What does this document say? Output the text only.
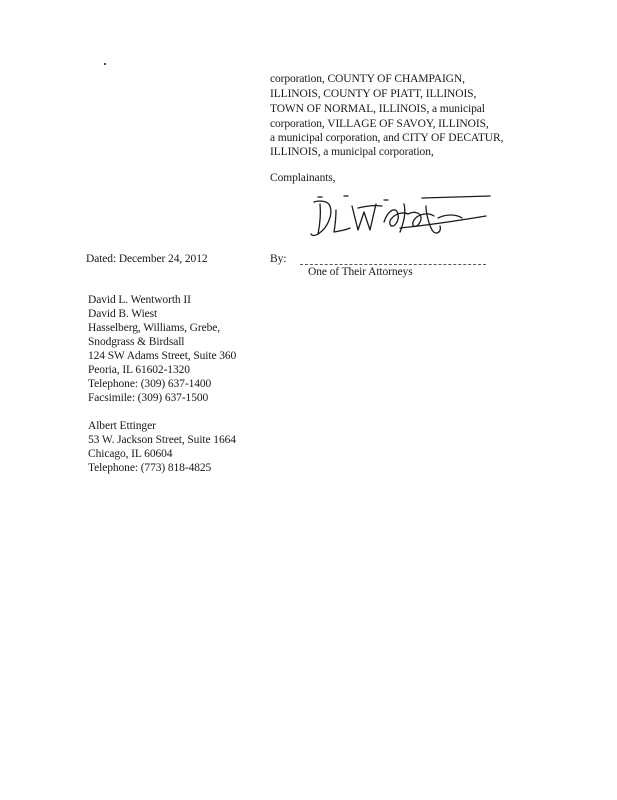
corporation, COUNTY OF CHAMPAIGN,
ILLINOIS, COUNTY OF PIATT, ILLINOIS,
TOWN OF NORMAL, ILLINOIS, a municipal
corporation, VILLAGE OF SAVOY, ILLINOIS,
a municipal corporation, and CITY OF DECATUR,
ILLINOIS, a municipal corporation,
Complainants,
Dated: December 24, 2012	By:
One of Their Attorneys
David L. Wentworth II
David B. Wiest
Hasselberg, Williams, Grebe,
Snodgrass & Birdsall
124 SW Adams Street, Suite 360
Peoria, IL 61602-1320
Telephone: (309) 637-1400
Facsimile: (309) 637-1500
Albert Ettinger
53 W. Jackson Street, Suite 1664
Chicago, IL 60604
Telephone: (773) 818-4825
